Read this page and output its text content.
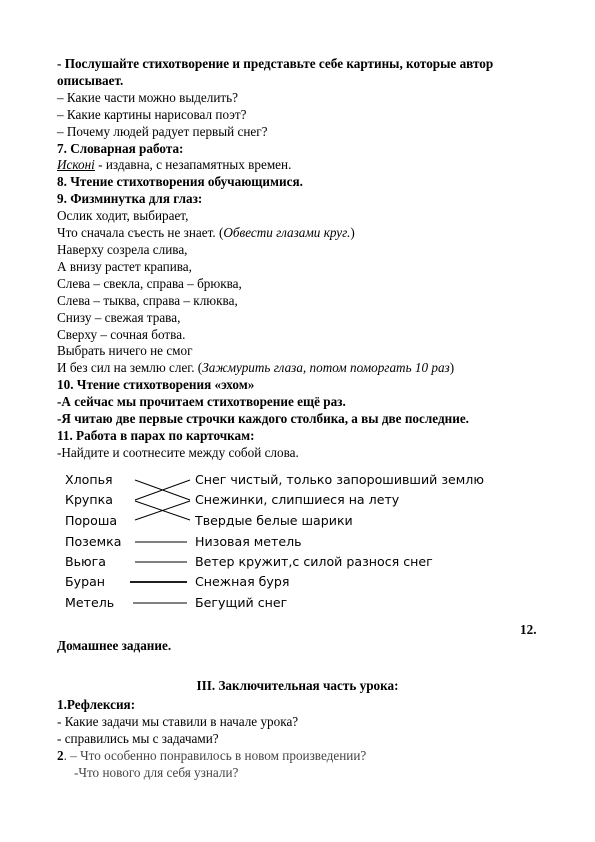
- Послушайте стихотворение и представьте себе картины, которые автор
описывает.
– Какие части можно выделить?
– Какие картины нарисовал поэт?
– Почему людей радует первый снег?
7. Словарная работа:
Исконі - издавна, с незапамятных времен.
8. Чтение стихотворения обучающимися.
9. Физминутка для глаз:
Ослик ходит, выбирает,
Что сначала съесть не знает. (Обвести глазами круг.)
Наверху созрела слива,
А внизу растет крапива,
Слева – свекла, справа – брюква,
Слева – тыква, справа – клюква,
Снизу – свежая трава,
Сверху – сочная ботва.
Выбрать ничего не смог
И без сил на землю слег. (Зажмурить глаза, потом поморгать 10 раз)
10. Чтение стихотворения «эхом»
-А сейчас мы прочитаем стихотворение ещё раз.
-Я читаю две первые строчки каждого столбика, а вы две последние.
11. Работа в парах по карточкам:
-Найдите и соотнесите между собой слова.
Хлопья
Крупка
Пороша
Поземка
Вьюга
Буран
Метель
Снег чистый, только запорошивший землю
Снежинки, слипшиеся на лету
Твердые белые шарики
Низовая метель
Ветер кружит,с силой разнося снег
Снежная буря
Бегущий снег
12.
Домашнее задание.
III. Заключительная часть урока:
1.Рефлексия:
- Какие задачи мы ставили в начале урока?
- справились мы с задачами?
2. – Что особенно понравилось в новом произведении?
-Что нового для себя узнали?
